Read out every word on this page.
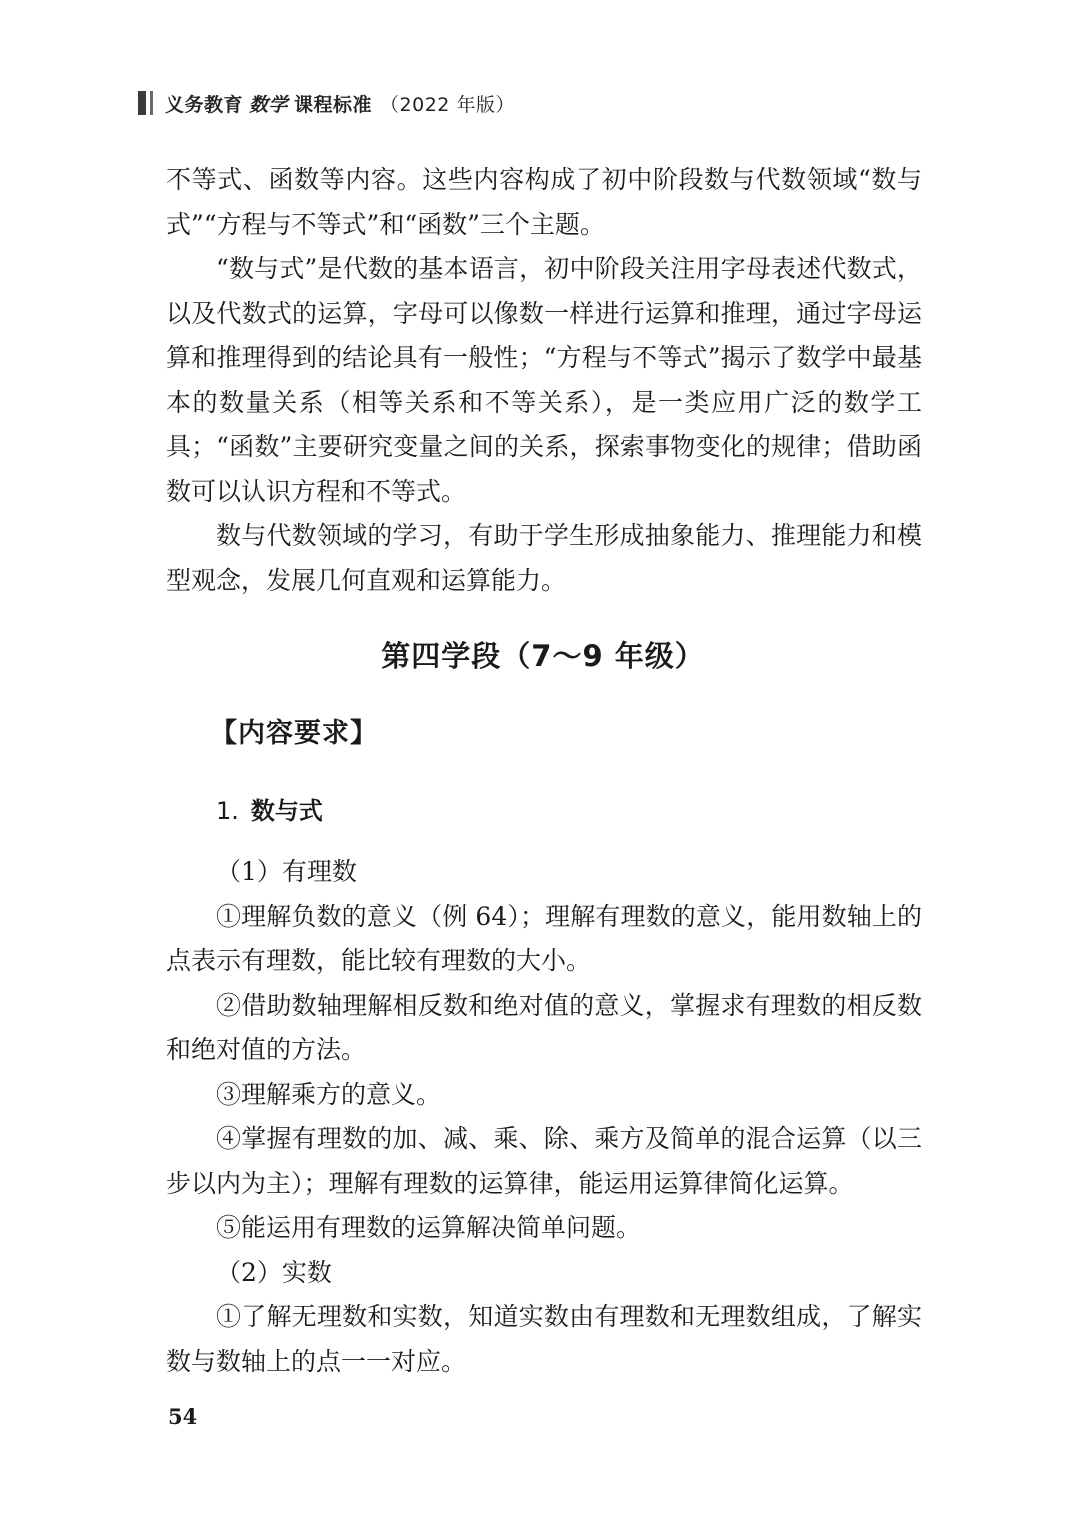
义务教育 数学 课程标准 （2022 年版）

不等式、函数等内容。这些内容构成了初中阶段数与代数领域“数与式”“方程与不等式”和“函数”三个主题。

“数与式”是代数的基本语言，初中阶段关注用字母表述代数式，以及代数式的运算，字母可以像数一样进行运算和推理，通过字母运算和推理得到的结论具有一般性；“方程与不等式”揭示了数学中最基本的数量关系（相等关系和不等关系），是一类应用广泛的数学工具；“函数”主要研究变量之间的关系，探索事物变化的规律；借助函数可以认识方程和不等式。

数与代数领域的学习，有助于学生形成抽象能力、推理能力和模型观念，发展几何直观和运算能力。

第四学段（7～9 年级）
【内容要求】
1. 数与式

（1）有理数

①理解负数的意义（例 64）；理解有理数的意义，能用数轴上的点表示有理数，能比较有理数的大小。

②借助数轴理解相反数和绝对值的意义，掌握求有理数的相反数和绝对值的方法。

③理解乘方的意义。

④掌握有理数的加、减、乘、除、乘方及简单的混合运算（以三步以内为主）；理解有理数的运算律，能运用运算律简化运算。

⑤能运用有理数的运算解决简单问题。

（2）实数

①了解无理数和实数，知道实数由有理数和无理数组成，了解实数与数轴上的点一一对应。

54
